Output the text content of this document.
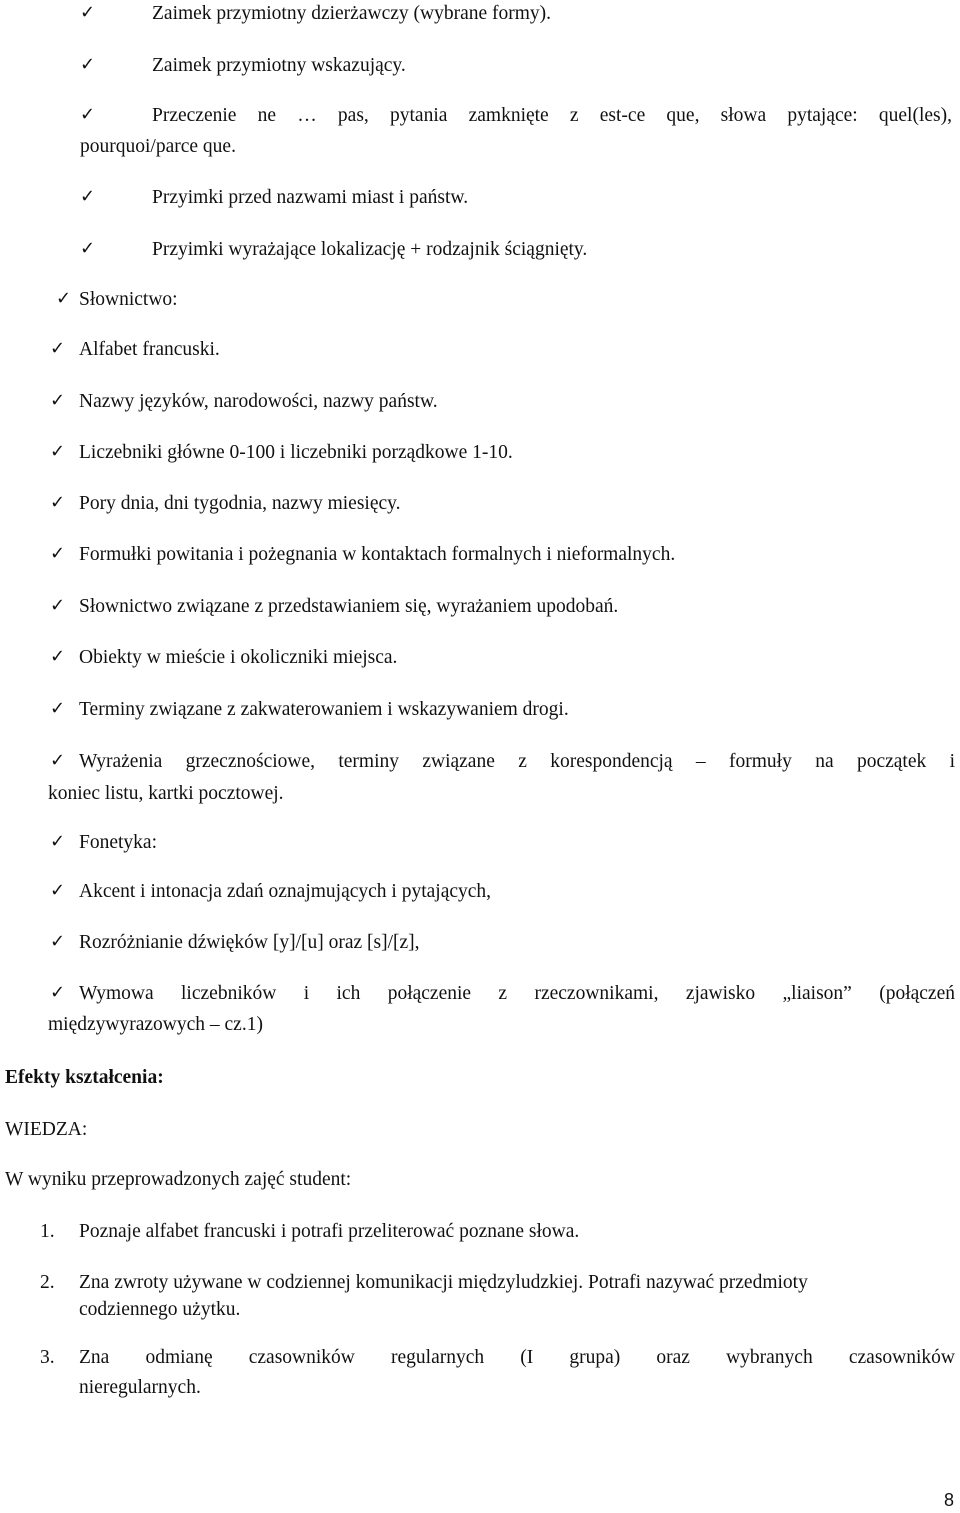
✓	Zaimek przymiotny dzierżawczy (wybrane formy).
✓	Zaimek przymiotny wskazujący.
✓	Przeczenie ne … pas, pytania zamknięte z est-ce que, słowa pytające: quel(les),
pourquoi/parce que.
✓	Przyimki przed nazwami miast i państw.
✓	Przyimki wyrażające lokalizację + rodzajnik ściągnięty.
✓ Słownictwo:
✓ Alfabet francuski.
✓ Nazwy języków, narodowości, nazwy państw.
✓ Liczebniki główne 0-100 i liczebniki porządkowe 1-10.
✓ Pory dnia, dni tygodnia, nazwy miesięcy.
✓ Formułki powitania i pożegnania w kontaktach formalnych i nieformalnych.
✓ Słownictwo związane z przedstawianiem się, wyrażaniem upodobań.
✓ Obiekty w mieście i okoliczniki miejsca.
✓ Terminy związane z zakwaterowaniem i wskazywaniem drogi.
✓ Wyrażenia grzecznościowe, terminy związane z korespondencją – formuły na początek i
koniec listu, kartki pocztowej.
✓ Fonetyka:
✓ Akcent i intonacja zdań oznajmujących i pytających,
✓ Rozróżnianie dźwięków [y]/[u] oraz [s]/[z],
✓ Wymowa liczebników i ich połączenie z rzeczownikami, zjawisko „liaison” (połączeń
międzywyrazowych – cz.1)
Efekty kształcenia:
WIEDZA:
W wyniku przeprowadzonych zajęć student:
1. Poznaje alfabet francuski i potrafi przeliterować poznane słowa.
2. Zna zwroty używane w codziennej komunikacji międzyludzkiej. Potrafi nazywać przedmioty
codziennego użytku.
3. Zna odmianę czasowników regularnych (I grupa) oraz wybranych czasowników
nieregularnych.
8
